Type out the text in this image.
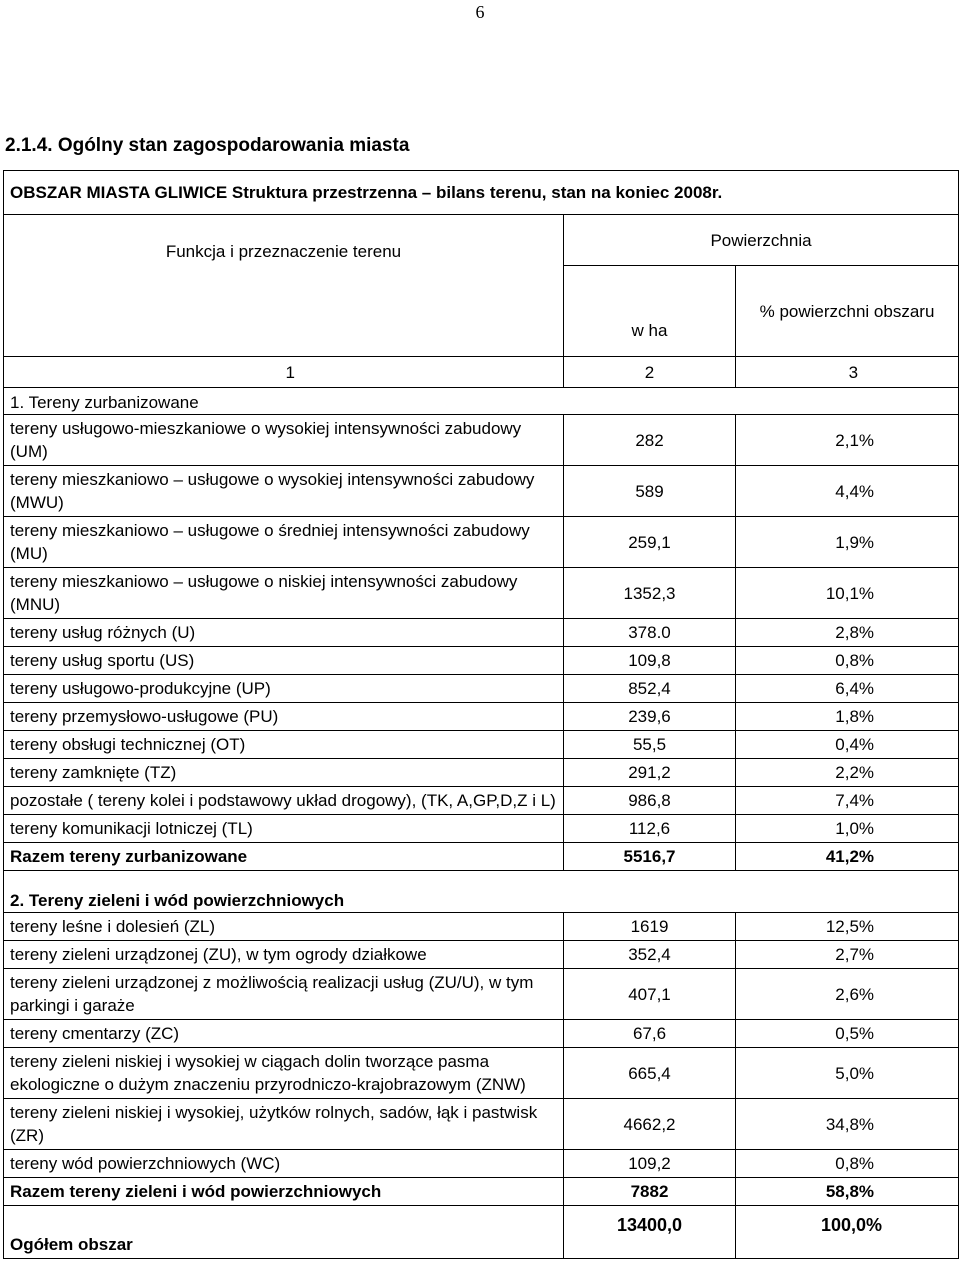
6
2.1.4. Ogólny stan zagospodarowania miasta
OBSZAR MIASTA GLIWICE Struktura przestrzenna – bilans terenu, stan na koniec 2008r.		
Funkcja i przeznaczenie terenu	Powierzchnia	
	w ha	% powierzchni obszaru
1	2	3
1. Tereny zurbanizowane		
tereny usługowo-mieszkaniowe o wysokiej intensywności zabudowy (UM)	282	2,1%
tereny mieszkaniowo – usługowe o wysokiej intensywności zabudowy (MWU)	589	4,4%
tereny mieszkaniowo – usługowe o średniej intensywności zabudowy (MU)	259,1	1,9%
tereny mieszkaniowo – usługowe o niskiej intensywności zabudowy (MNU)	1352,3	10,1%
tereny usług różnych (U)	378.0	2,8%
tereny usług sportu (US)	109,8	0,8%
tereny usługowo-produkcyjne (UP)	852,4	6,4%
tereny przemysłowo-usługowe (PU)	239,6	1,8%
tereny obsługi technicznej (OT)	55,5	0,4%
tereny zamknięte (TZ)	291,2	2,2%
pozostałe ( tereny kolei i podstawowy układ drogowy), (TK, A,GP,D,Z i L)	986,8	7,4%
tereny komunikacji lotniczej (TL)	112,6	1,0%
Razem tereny zurbanizowane	5516,7	41,2%

2. Tereny zieleni i wód powierzchniowych		
tereny leśne i dolesień (ZL)	1619	12,5%
tereny zieleni urządzonej (ZU), w tym ogrody działkowe	352,4	2,7%
tereny zieleni urządzonej z możliwością realizacji usług (ZU/U), w tym parkingi i garaże	407,1	2,6%
tereny cmentarzy (ZC)	67,6	0,5%
tereny zieleni niskiej i wysokiej w ciągach dolin tworzące pasma ekologiczne o dużym znaczeniu przyrodniczo-krajobrazowym (ZNW)	665,4	5,0%
tereny zieleni niskiej i wysokiej, użytków rolnych, sadów, łąk i pastwisk (ZR)	4662,2	34,8%
tereny wód powierzchniowych (WC)	109,2	0,8%
Razem tereny zieleni i wód powierzchniowych	7882	58,8%
Ogółem obszar	13400,0	100,0%
